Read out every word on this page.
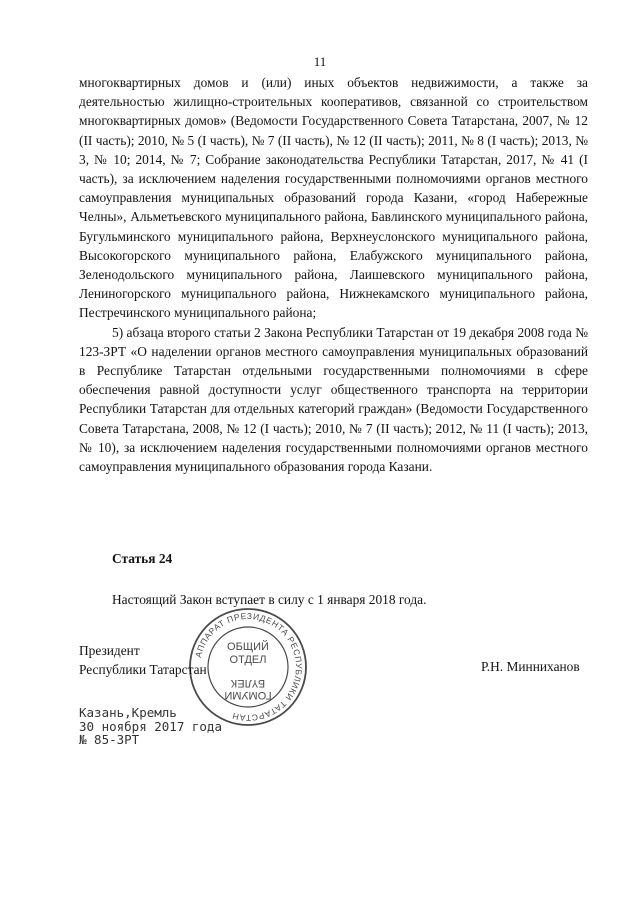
11

многоквартирных домов и (или) иных объектов недвижимости, а также за деятельностью жилищно-строительных кооперативов, связанной со строительством многоквартирных домов» (Ведомости Государственного Совета Татарстана, 2007, № 12 (II часть); 2010, № 5 (I часть), № 7 (II часть), № 12 (II часть); 2011, № 8 (I часть); 2013, № 3, № 10; 2014, № 7; Собрание законодательства Республики Татарстан, 2017, № 41 (I часть), за исключением наделения государственными полномочиями органов местного самоуправления муниципальных образований города Казани, «город Набережные Челны», Альметьевского муниципального района, Бавлинского муниципального района, Бугульминского муниципального района, Верхнеуслонского муниципального района, Высокогорского муниципального района, Елабужского муниципального района, Зеленодольского муниципального района, Лаишевского муниципального района, Лениногорского муниципального района, Нижнекамского муниципального района, Пестречинского муниципального района;

5) абзаца второго статьи 2 Закона Республики Татарстан от 19 декабря 2008 года № 123-ЗРТ «О наделении органов местного самоуправления муниципальных образований в Республике Татарстан отдельными государственными полномочиями в сфере обеспечения равной доступности услуг общественного транспорта на территории Республики Татарстан для отдельных категорий граждан» (Ведомости Государственного Совета Татарстана, 2008, № 12 (I часть); 2010, № 7 (II часть); 2012, № 11 (I часть); 2013, № 10), за исключением наделения государственными полномочиями органов местного самоуправления муниципального образования города Казани.

Статья 24
Настоящий Закон вступает в силу с 1 января 2018 года.
АППАРАТ ПРЕЗИДЕНТА РЕСПУБЛИКИ ТАТАРСТАН
ОБЩИЙ
ОТДЕЛ
БҮЛЕК
ГОМУМИ
Президент
Республики Татарстан	Р.Н. Минниханов
Казань,Кремль
30 ноября 2017 года
№ 85-ЗРТ
